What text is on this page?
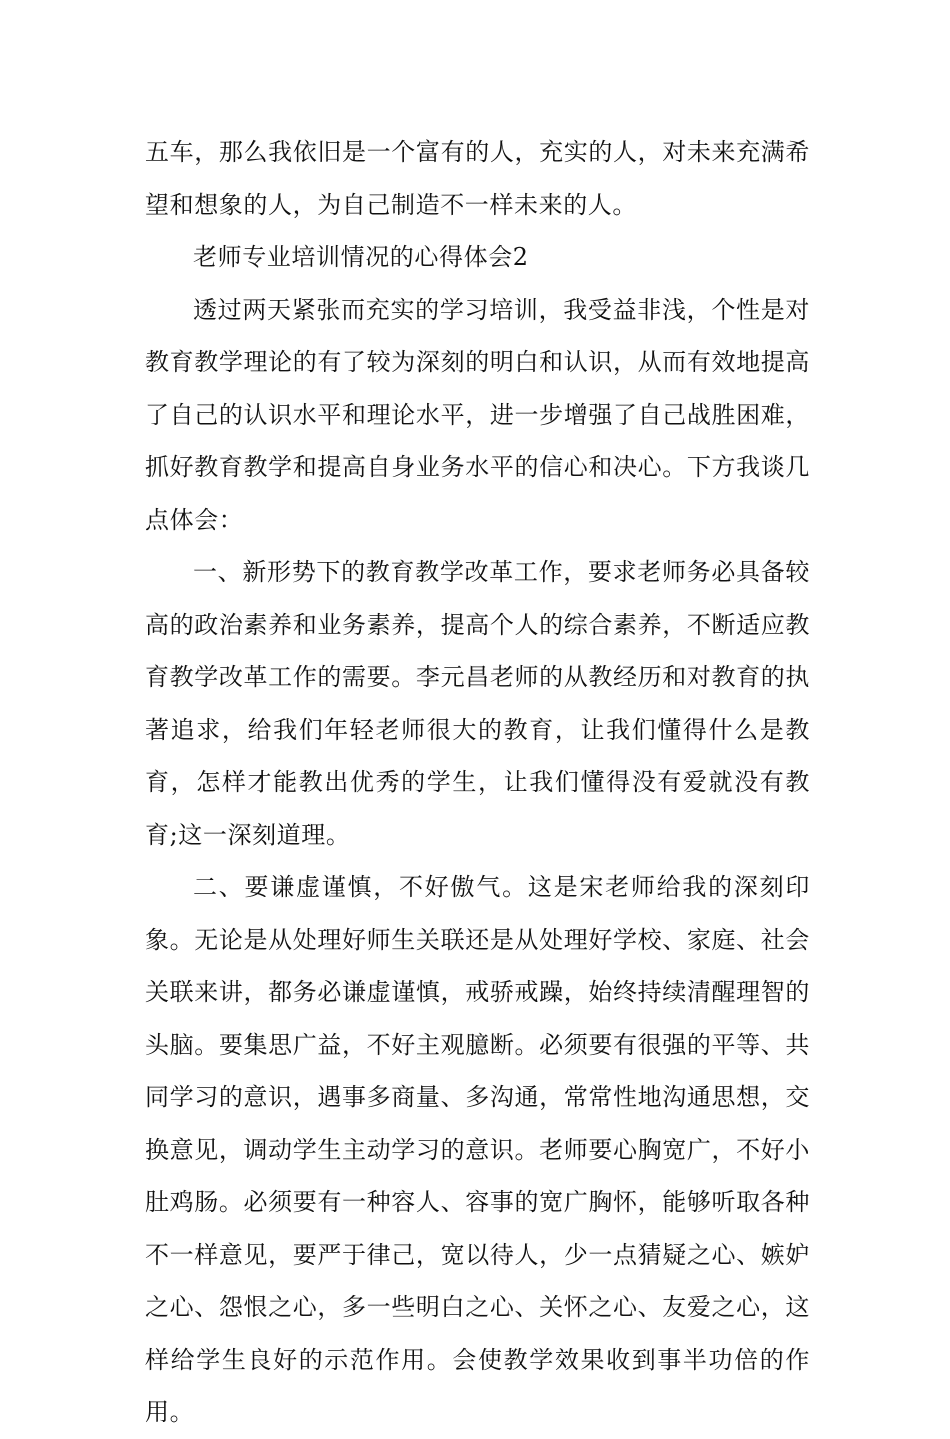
五车，那么我依旧是一个富有的人，充实的人，对未来充满希望和想象的人，为自己制造不一样未来的人。

老师专业培训情况的心得体会2

透过两天紧张而充实的学习培训，我受益非浅，个性是对教育教学理论的有了较为深刻的明白和认识，从而有效地提高了自己的认识水平和理论水平，进一步增强了自己战胜困难，抓好教育教学和提高自身业务水平的信心和决心。下方我谈几点体会：

一、新形势下的教育教学改革工作，要求老师务必具备较高的政治素养和业务素养，提高个人的综合素养，不断适应教育教学改革工作的需要。李元昌老师的从教经历和对教育的执著追求，给我们年轻老师很大的教育，让我们懂得什么是教育，怎样才能教出优秀的学生，让我们懂得没有爱就没有教育;这一深刻道理。

二、要谦虚谨慎，不好傲气。这是宋老师给我的深刻印象。无论是从处理好师生关联还是从处理好学校、家庭、社会关联来讲，都务必谦虚谨慎，戒骄戒躁，始终持续清醒理智的头脑。要集思广益，不好主观臆断。必须要有很强的平等、共同学习的意识，遇事多商量、多沟通，常常性地沟通思想，交换意见，调动学生主动学习的意识。老师要心胸宽广，不好小肚鸡肠。必须要有一种容人、容事的宽广胸怀，能够听取各种不一样意见，要严于律己，宽以待人，少一点猜疑之心、嫉妒之心、怨恨之心，多一些明白之心、关怀之心、友爱之心，这样给学生良好的示范作用。会使教学效果收到事半功倍的作用。
